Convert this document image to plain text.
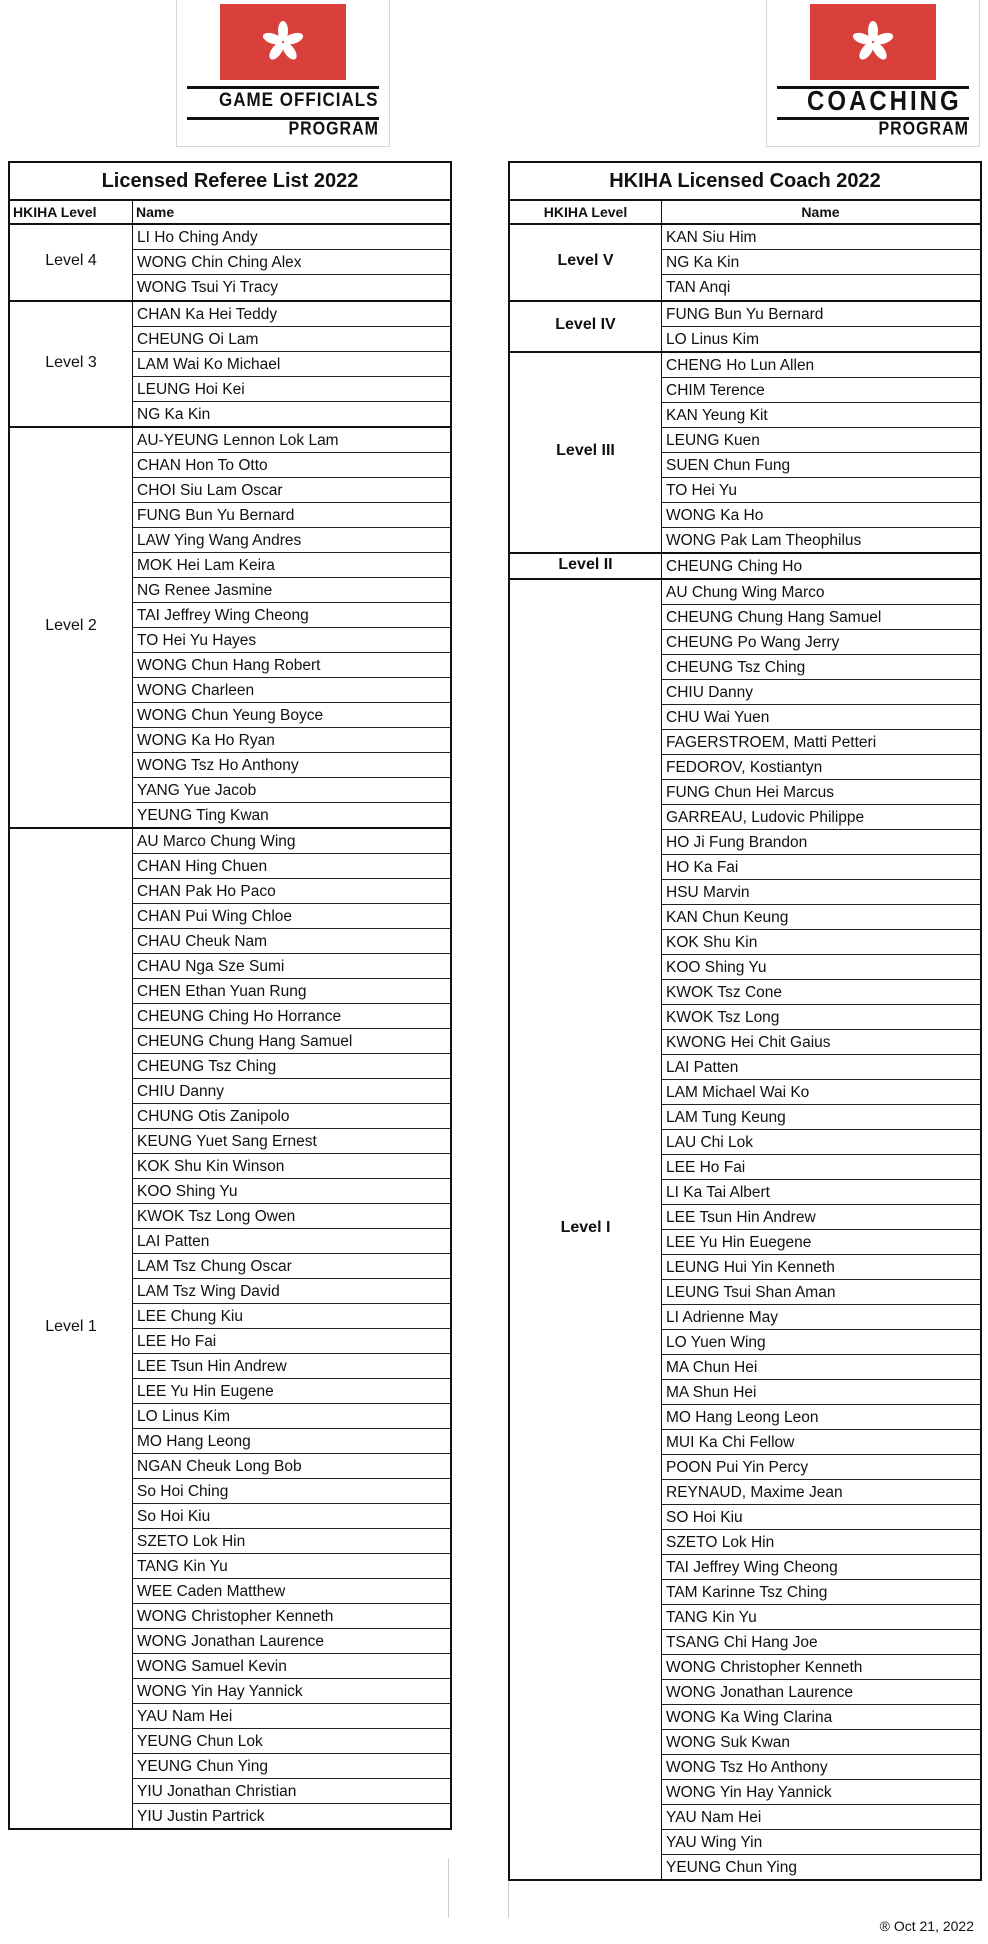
GAME OFFICIALS
PROGRAM
COACHING
PROGRAM
Licensed Referee List 2022
HKIHA Level	Name
Level 4
LI Ho Ching Andy
WONG Chin Ching Alex
WONG Tsui Yi Tracy
Level 3
CHAN Ka Hei Teddy
CHEUNG Oi Lam
LAM Wai Ko Michael
LEUNG Hoi Kei
NG Ka Kin
Level 2
AU-YEUNG Lennon Lok Lam
CHAN Hon To Otto
CHOI Siu Lam Oscar
FUNG Bun Yu Bernard
LAW Ying Wang Andres
MOK Hei Lam Keira
NG Renee Jasmine
TAI Jeffrey Wing Cheong
TO Hei Yu Hayes
WONG Chun Hang Robert
WONG Charleen
WONG Chun Yeung Boyce
WONG Ka Ho Ryan
WONG Tsz Ho Anthony
YANG Yue Jacob
YEUNG Ting Kwan
Level 1
AU Marco Chung Wing
CHAN Hing Chuen
CHAN Pak Ho Paco
CHAN Pui Wing Chloe
CHAU Cheuk Nam
CHAU Nga Sze Sumi
CHEN Ethan Yuan Rung
CHEUNG Ching Ho Horrance
CHEUNG Chung Hang Samuel
CHEUNG Tsz Ching
CHIU Danny
CHUNG Otis Zanipolo
KEUNG Yuet Sang Ernest
KOK Shu Kin Winson
KOO Shing Yu
KWOK Tsz Long Owen
LAI Patten
LAM Tsz Chung Oscar
LAM Tsz Wing David
LEE Chung Kiu
LEE Ho Fai
LEE Tsun Hin Andrew
LEE Yu Hin Eugene
LO Linus Kim
MO Hang Leong
NGAN Cheuk Long Bob
So Hoi Ching
So Hoi Kiu
SZETO Lok Hin
TANG Kin Yu
WEE Caden Matthew
WONG Christopher Kenneth
WONG Jonathan Laurence
WONG Samuel Kevin
WONG Yin Hay Yannick
YAU Nam Hei
YEUNG Chun Lok
YEUNG Chun Ying
YIU Jonathan Christian
YIU Justin Partrick
HKIHA Licensed Coach 2022
HKIHA Level	Name
Level V
KAN Siu Him
NG Ka Kin
TAN Anqi
Level IV
FUNG Bun Yu Bernard
LO Linus Kim
Level III
CHENG Ho Lun Allen
CHIM Terence
KAN Yeung Kit
LEUNG Kuen
SUEN Chun Fung
TO Hei Yu
WONG Ka Ho
WONG Pak Lam Theophilus
Level II	CHEUNG Ching Ho
Level I
AU Chung Wing Marco
CHEUNG Chung Hang Samuel
CHEUNG Po Wang Jerry
CHEUNG Tsz Ching
CHIU Danny
CHU Wai Yuen
FAGERSTROEM, Matti Petteri
FEDOROV, Kostiantyn
FUNG Chun Hei Marcus
GARREAU, Ludovic Philippe
HO Ji Fung Brandon
HO Ka Fai
HSU Marvin
KAN Chun Keung
KOK Shu Kin
KOO Shing Yu
KWOK Tsz Cone
KWOK Tsz Long
KWONG Hei Chit Gaius
LAI Patten
LAM Michael Wai Ko
LAM Tung Keung
LAU Chi Lok
LEE Ho Fai
LI Ka Tai Albert
LEE Tsun Hin Andrew
LEE Yu Hin Euegene
LEUNG Hui Yin Kenneth
LEUNG Tsui Shan Aman
LI Adrienne May
LO Yuen Wing
MA Chun Hei
MA Shun Hei
MO Hang Leong Leon
MUI Ka Chi Fellow
POON Pui Yin Percy
REYNAUD, Maxime Jean
SO Hoi Kiu
SZETO Lok Hin
TAI Jeffrey Wing Cheong
TAM Karinne Tsz Ching
TANG Kin Yu
TSANG Chi Hang Joe
WONG Christopher Kenneth
WONG Jonathan Laurence
WONG Ka Wing Clarina
WONG Suk Kwan
WONG Tsz Ho Anthony
WONG Yin Hay Yannick
YAU Nam Hei
YAU Wing Yin
YEUNG Chun Ying
® Oct 21, 2022
